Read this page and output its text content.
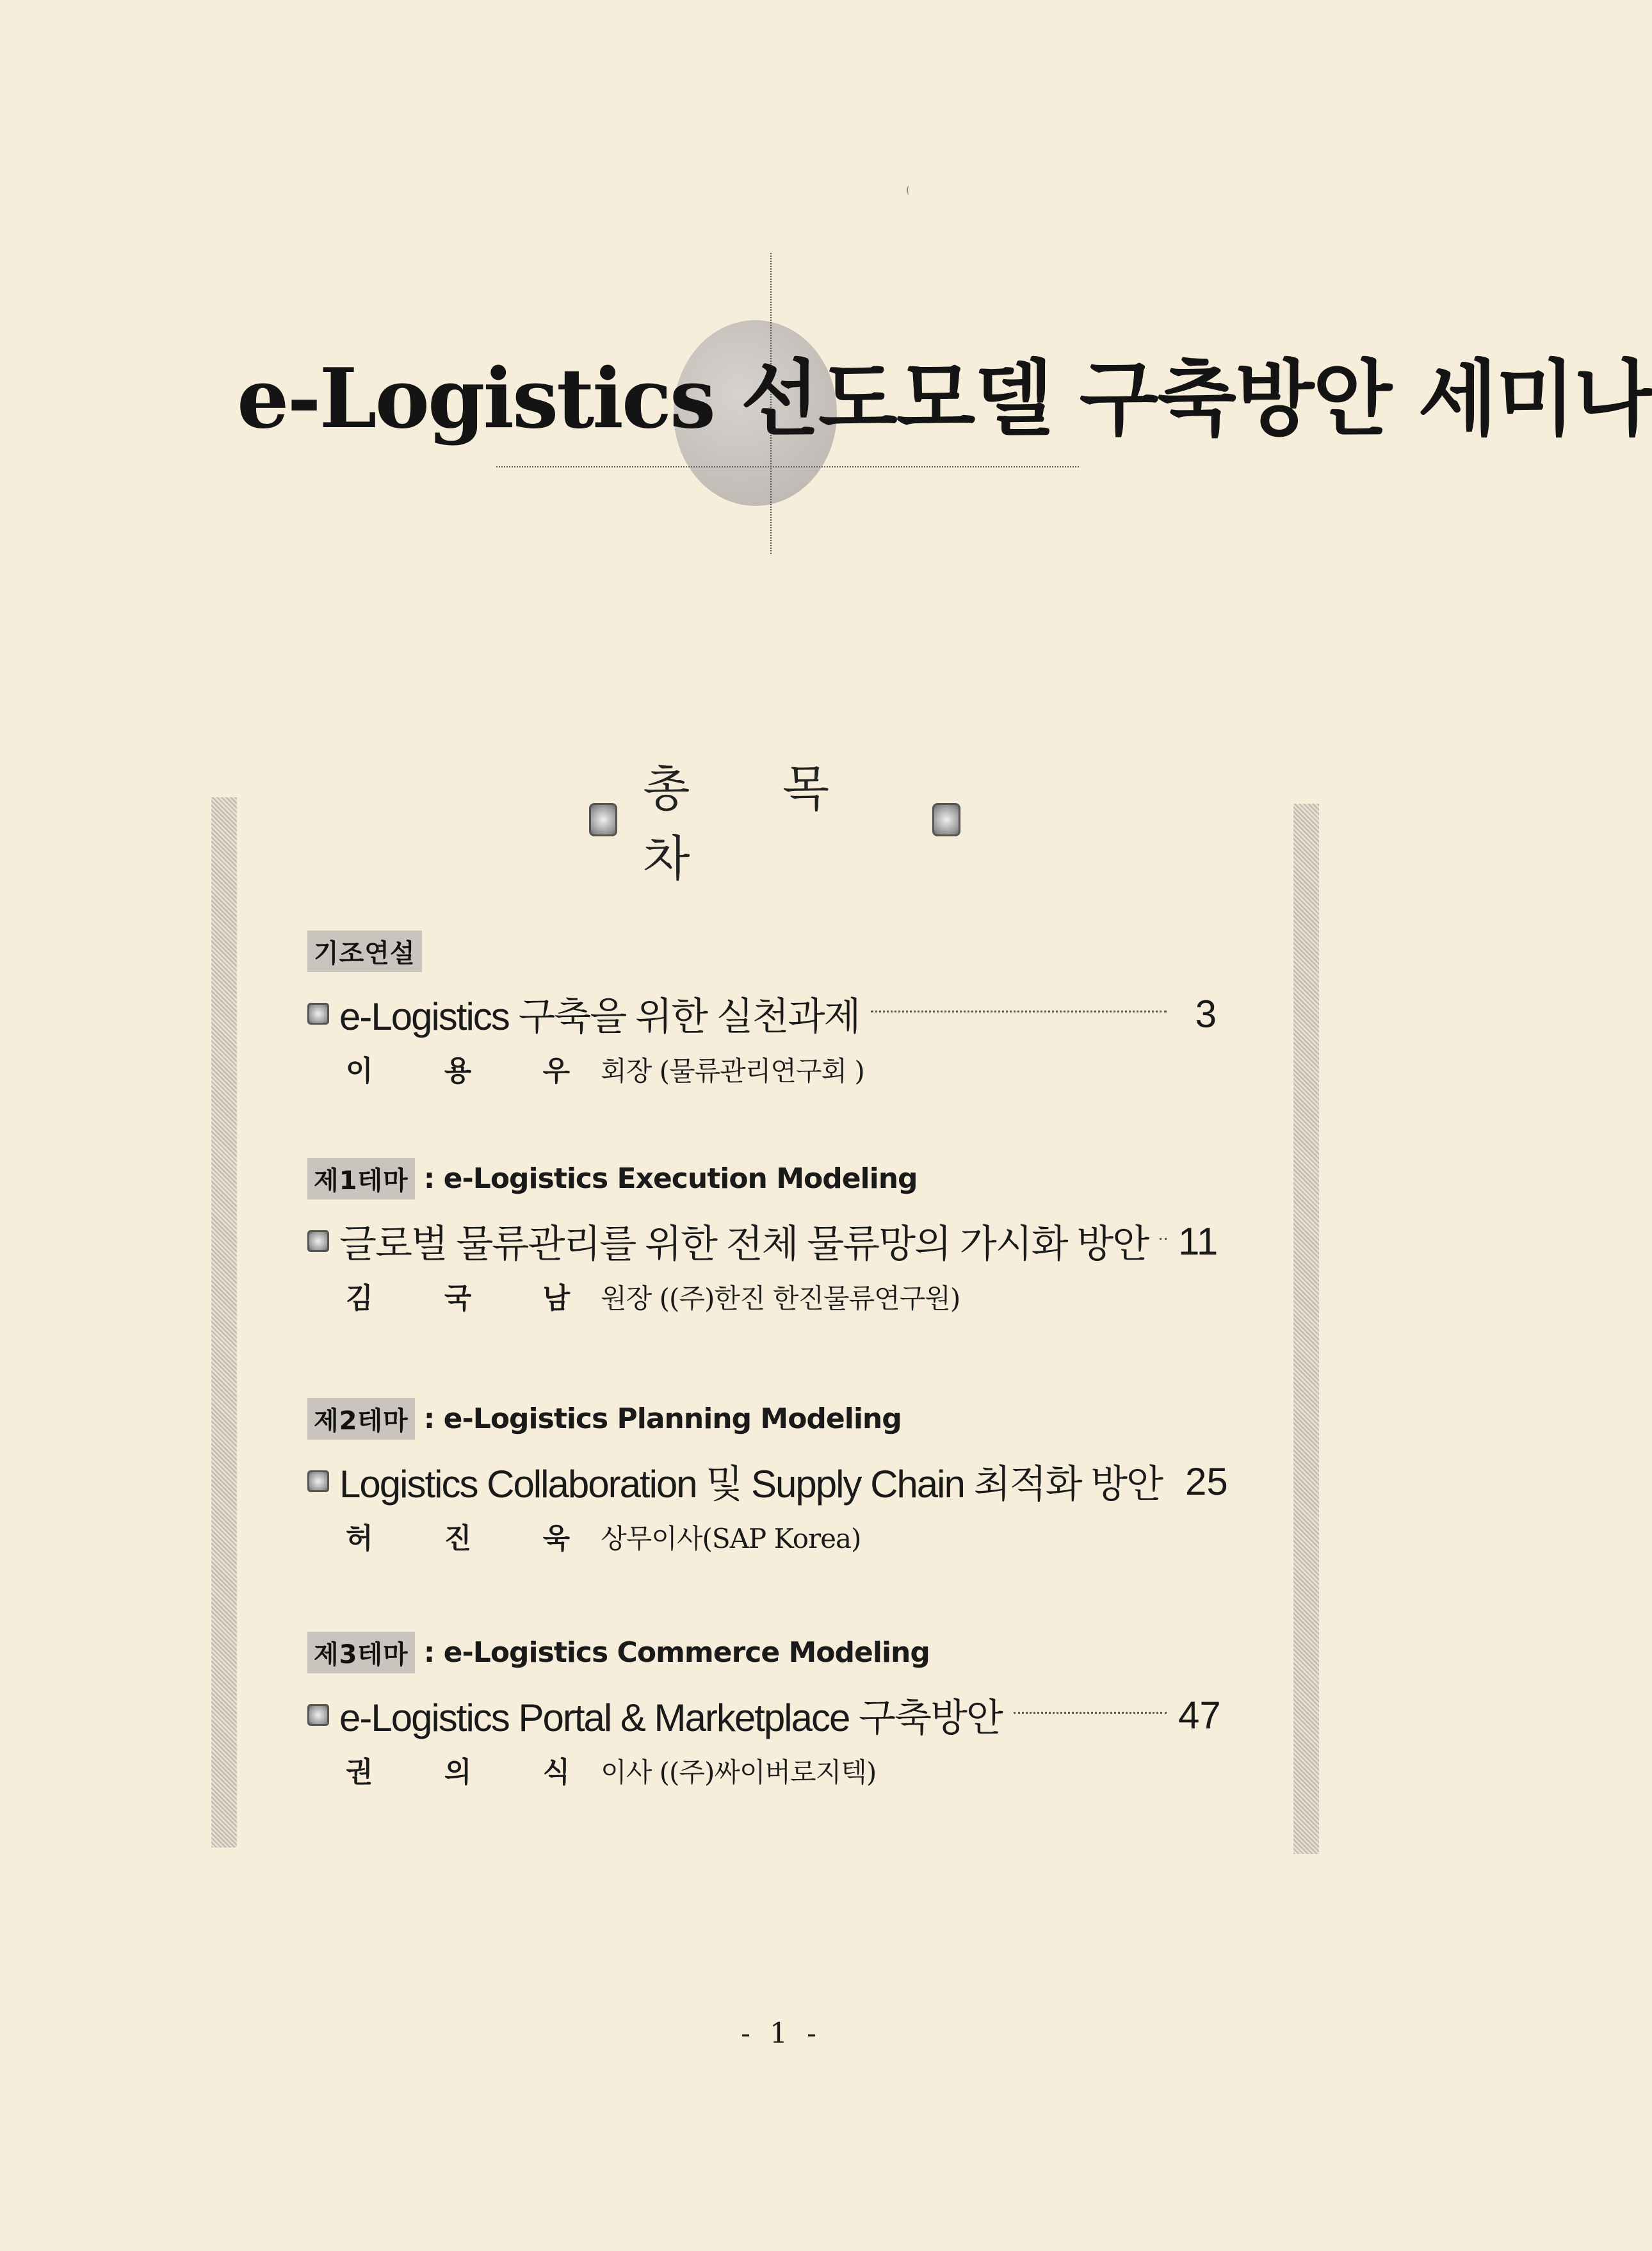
e-Logistics 선도모델 구축방안 세미나
총 목 차
기조연설
e-Logistics 구축을 위한 실천과제	3
이 용 우 회장 (물류관리연구회 )
제1테마 : e-Logistics Execution Modeling
글로벌 물류관리를 위한 전체 물류망의 가시화 방안 11
김 국 남 원장 ((주)한진 한진물류연구원)
제2테마 : e-Logistics Planning Modeling
Logistics Collaboration 및 Supply Chain 최적화 방안 25
허 진 욱 상무이사(SAP Korea)
제3테마 : e-Logistics Commerce Modeling
e-Logistics Portal & Marketplace 구축방안	47
권 의 식 이사 ((주)싸이버로지텍)
- 1 -
